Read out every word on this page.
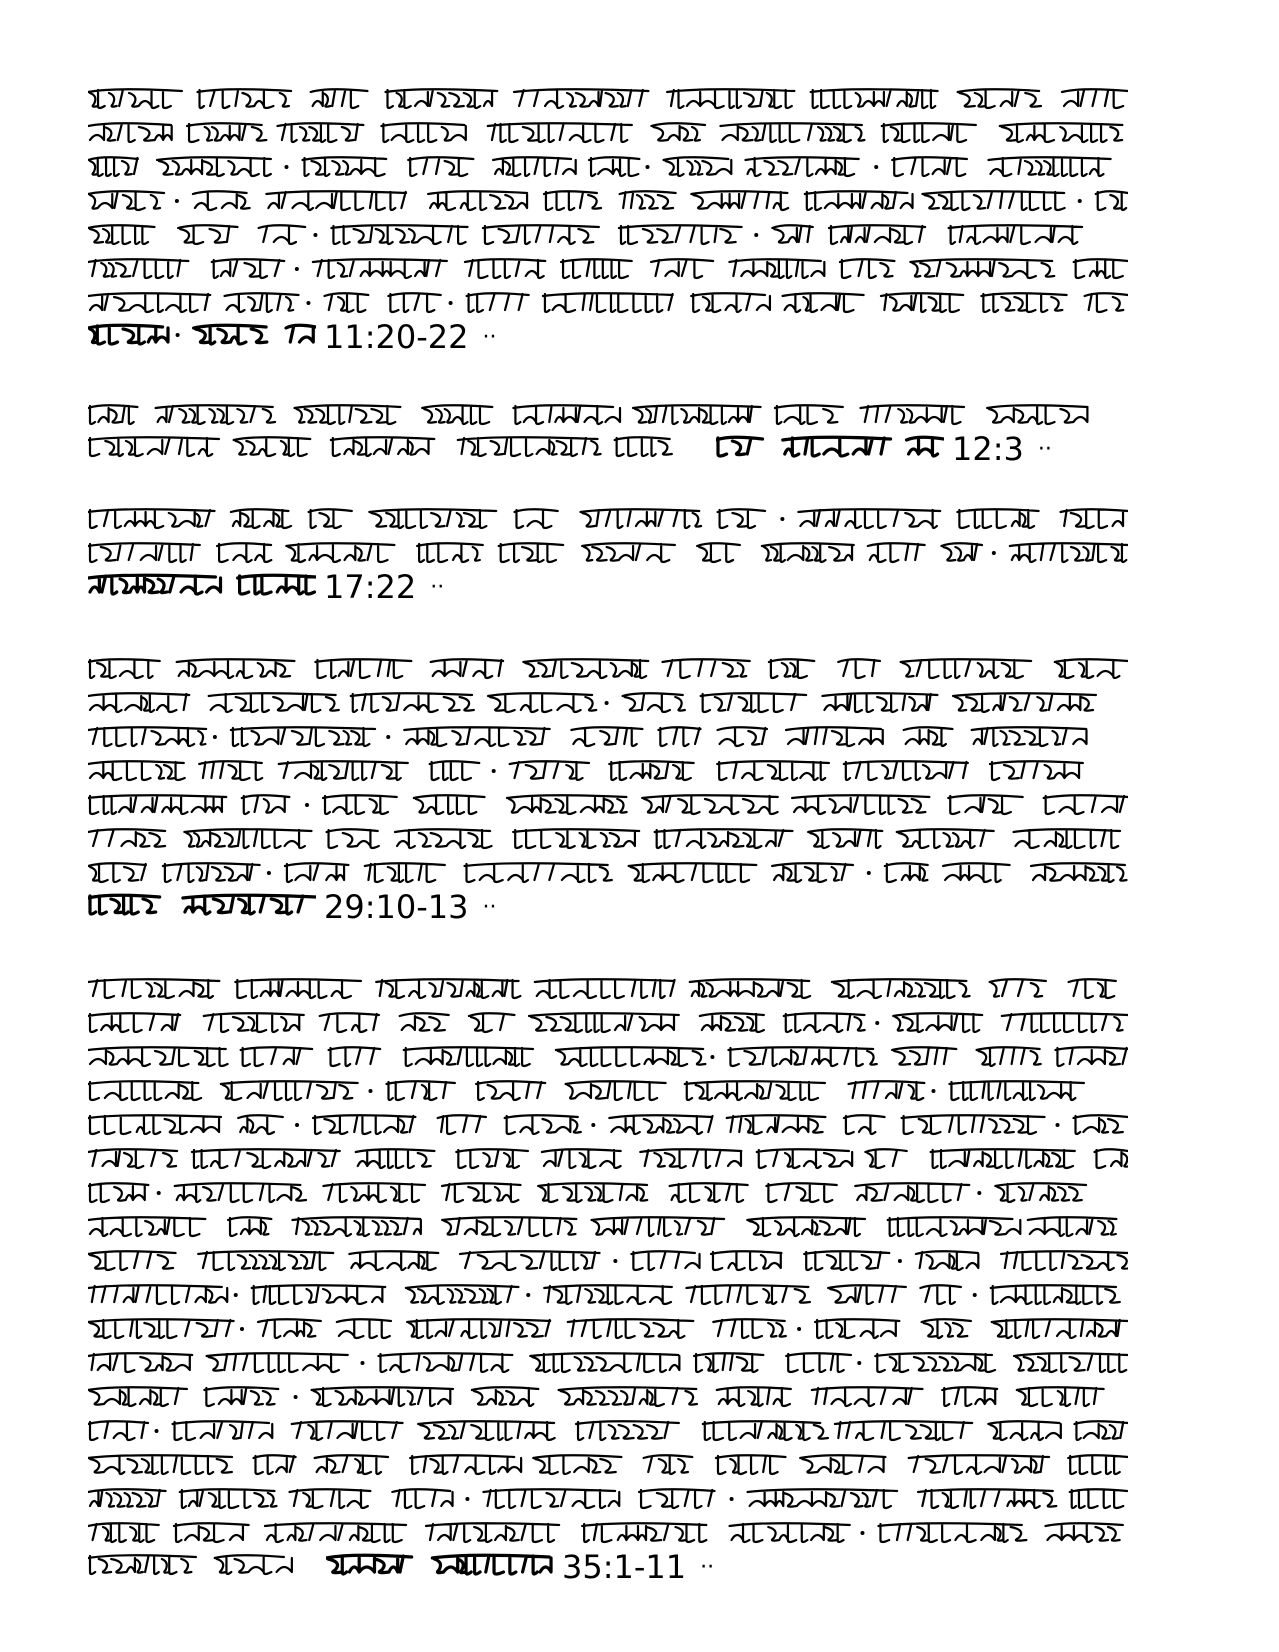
11:20-22 ··
12:3 ··
17:22 ··
29:10-13 ··
35:1-11 ··
